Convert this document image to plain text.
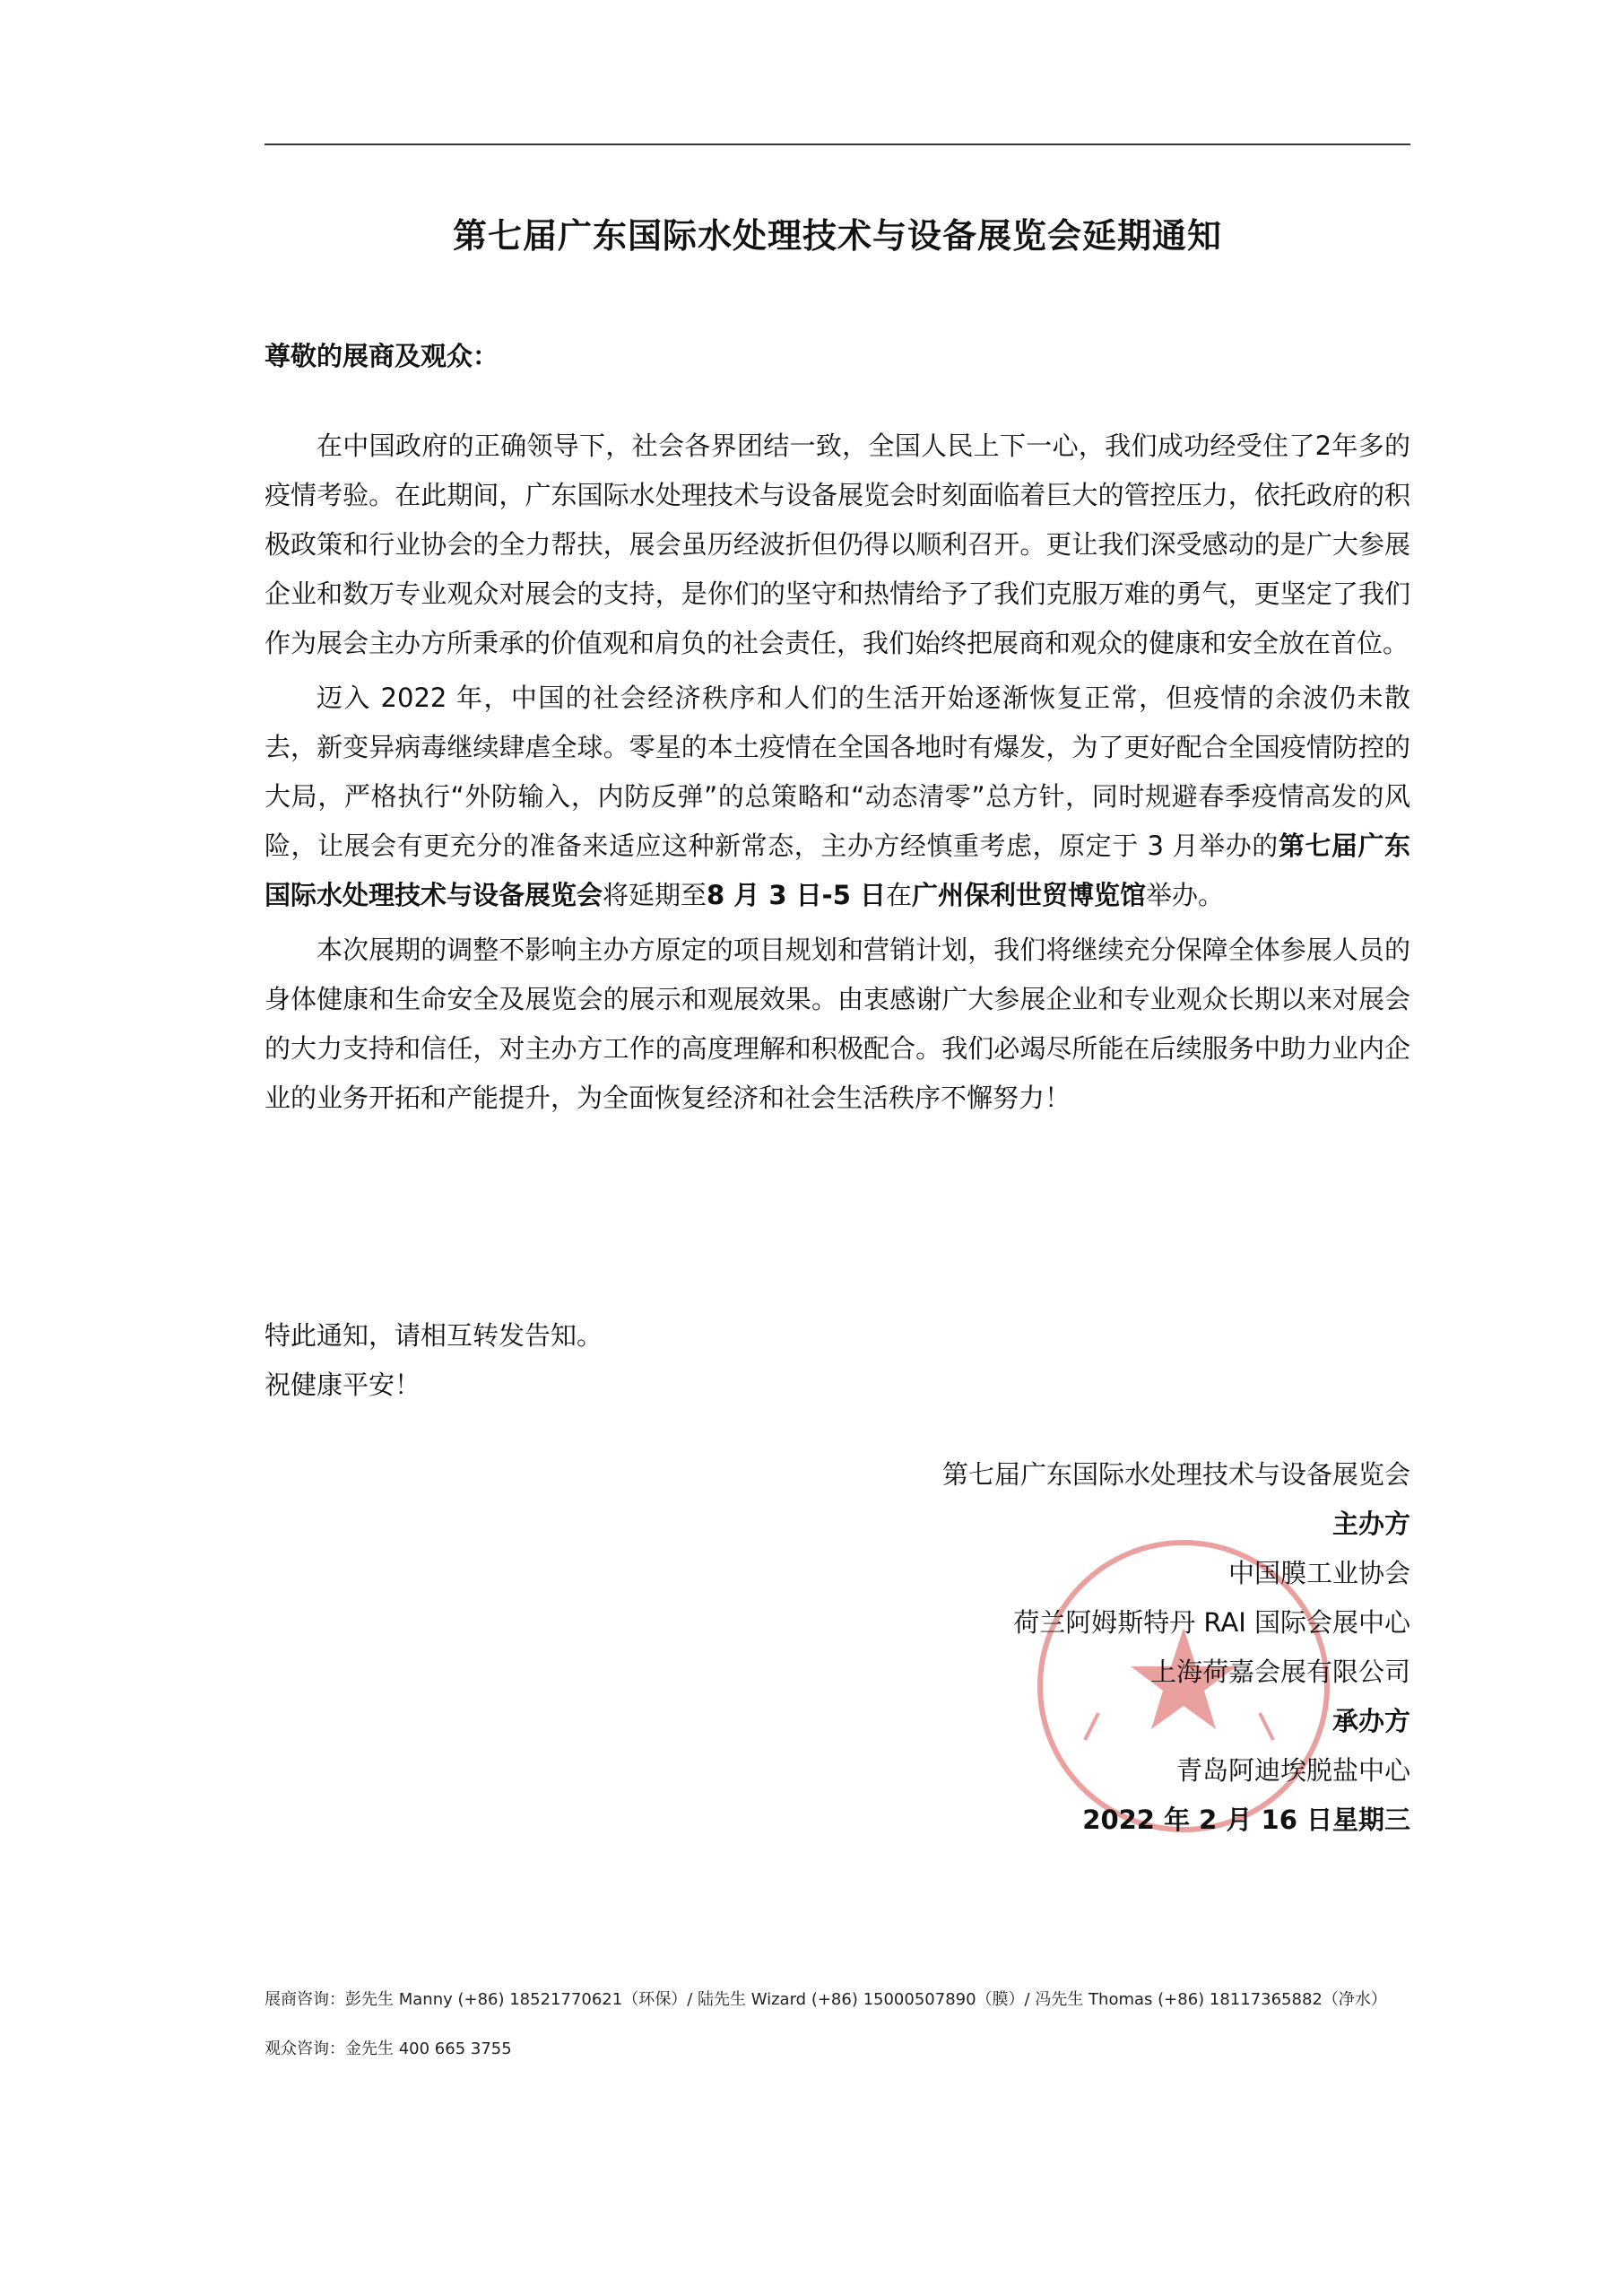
第七届广东国际水处理技术与设备展览会延期通知
尊敬的展商及观众：

在中国政府的正确领导下，社会各界团结一致，全国人民上下一心，我们成功经受住了2年多的疫情考验。在此期间，广东国际水处理技术与设备展览会时刻面临着巨大的管控压力，依托政府的积极政策和行业协会的全力帮扶，展会虽历经波折但仍得以顺利召开。更让我们深受感动的是广大参展企业和数万专业观众对展会的支持，是你们的坚守和热情给予了我们克服万难的勇气，更坚定了我们作为展会主办方所秉承的价值观和肩负的社会责任，我们始终把展商和观众的健康和安全放在首位。

迈入 2022 年，中国的社会经济秩序和人们的生活开始逐渐恢复正常，但疫情的余波仍未散去，新变异病毒继续肆虐全球。零星的本土疫情在全国各地时有爆发，为了更好配合全国疫情防控的大局，严格执行“外防输入，内防反弹”的总策略和“动态清零”总方针，同时规避春季疫情高发的风险，让展会有更充分的准备来适应这种新常态，主办方经慎重考虑，原定于 3 月举办的第七届广东国际水处理技术与设备展览会将延期至8 月 3 日-5 日在广州保利世贸博览馆举办。

本次展期的调整不影响主办方原定的项目规划和营销计划，我们将继续充分保障全体参展人员的身体健康和生命安全及展览会的展示和观展效果。由衷感谢广大参展企业和专业观众长期以来对展会的大力支持和信任，对主办方工作的高度理解和积极配合。我们必竭尽所能在后续服务中助力业内企业的业务开拓和产能提升，为全面恢复经济和社会生活秩序不懈努力！

特此通知，请相互转发告知。
祝健康平安！
第七届广东国际水处理技术与设备展览会
主办方
中国膜工业协会
荷兰阿姆斯特丹 RAI 国际会展中心
上海荷嘉会展有限公司
承办方
青岛阿迪埃脱盐中心
2022 年 2 月 16 日星期三
展商咨询：彭先生 Manny (+86) 18521770621（环保）/ 陆先生 Wizard (+86) 15000507890（膜）/ 冯先生 Thomas (+86) 18117365882（净水）
观众咨询：金先生 400 665 3755
